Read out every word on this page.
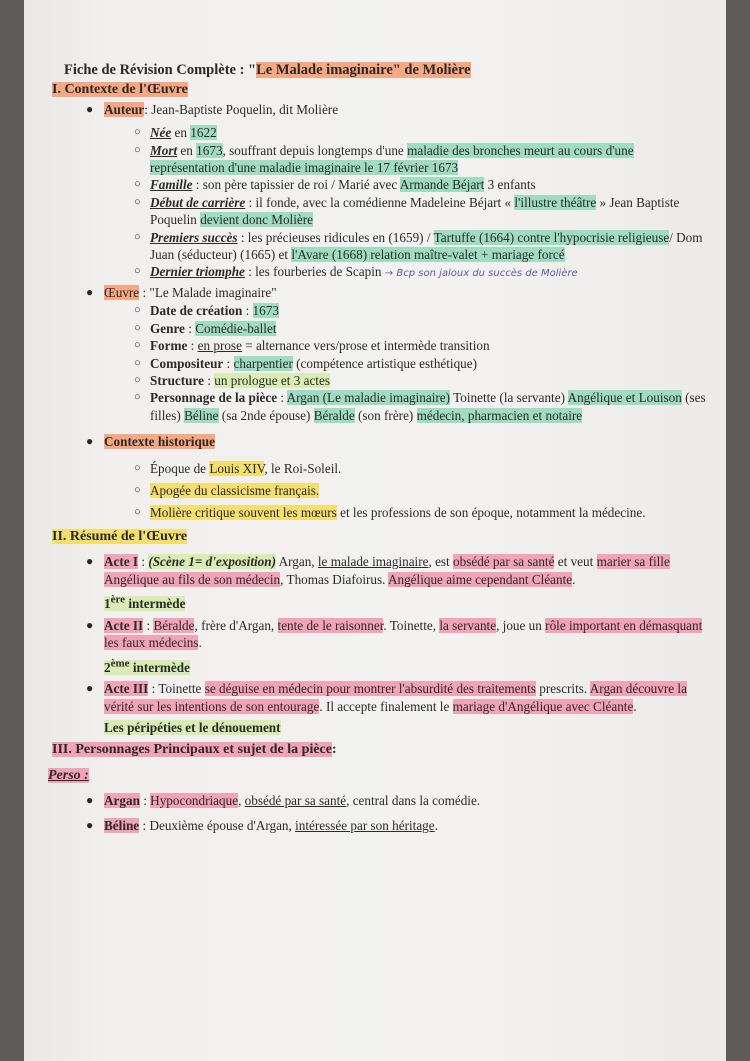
Fiche de Révision Complète : "Le Malade imaginaire" de Molière
I. Contexte de l'Œuvre
● Auteur: Jean-Baptiste Poquelin, dit Molière
○ Née en 1622
○ Mort en 1673, souffrant depuis longtemps d'une maladie des bronches meurt au cours d'une représentation d'une maladie imaginaire le 17 février 1673
○ Famille : son père tapissier de roi / Marié avec Armande Béjart 3 enfants
○ Début de carrière : il fonde, avec la comédienne Madeleine Béjart « l'illustre théâtre » Jean Baptiste Poquelin devient donc Molière
○ Premiers succès : les précieuses ridicules en (1659) / Tartuffe (1664) contre l'hypocrisie religieuse/ Dom Juan (séducteur) (1665) et l'Avare (1668) relation maître-valet + mariage forcé
○ Dernier triomphe : les fourberies de Scapin → Bcp son jaloux du succès de Molière
● Œuvre : "Le Malade imaginaire"
○ Date de création : 1673
○ Genre : Comédie-ballet
○ Forme : en prose = alternance vers/prose et intermède transition
○ Compositeur : charpentier (compétence artistique esthétique)
○ Structure : un prologue et 3 actes
○ Personnage de la pièce : Argan (Le maladie imaginaire) Toinette (la servante) Angélique et Louison (ses filles) Béline (sa 2nde épouse) Béralde (son frère) médecin, pharmacien et notaire
● Contexte historique
○ Époque de Louis XIV, le Roi-Soleil.
○ Apogée du classicisme français.
○ Molière critique souvent les mœurs et les professions de son époque, notamment la médecine.
II. Résumé de l'Œuvre
● Acte I : (Scène 1= d'exposition) Argan, le malade imaginaire, est obsédé par sa santé et veut marier sa fille Angélique au fils de son médecin, Thomas Diafoirus. Angélique aime cependant Cléante.
1ère intermède
● Acte II : Béralde, frère d'Argan, tente de le raisonner. Toinette, la servante, joue un rôle important en démasquant les faux médecins.
2ème intermède
● Acte III : Toinette se déguise en médecin pour montrer l'absurdité des traitements prescrits. Argan découvre la vérité sur les intentions de son entourage. Il accepte finalement le mariage d'Angélique avec Cléante.
Les péripéties et le dénouement
III. Personnages Principaux et sujet de la pièce:
Perso :
● Argan : Hypocondriaque, obsédé par sa santé, central dans la comédie.
● Béline : Deuxième épouse d'Argan, intéressée par son héritage.
